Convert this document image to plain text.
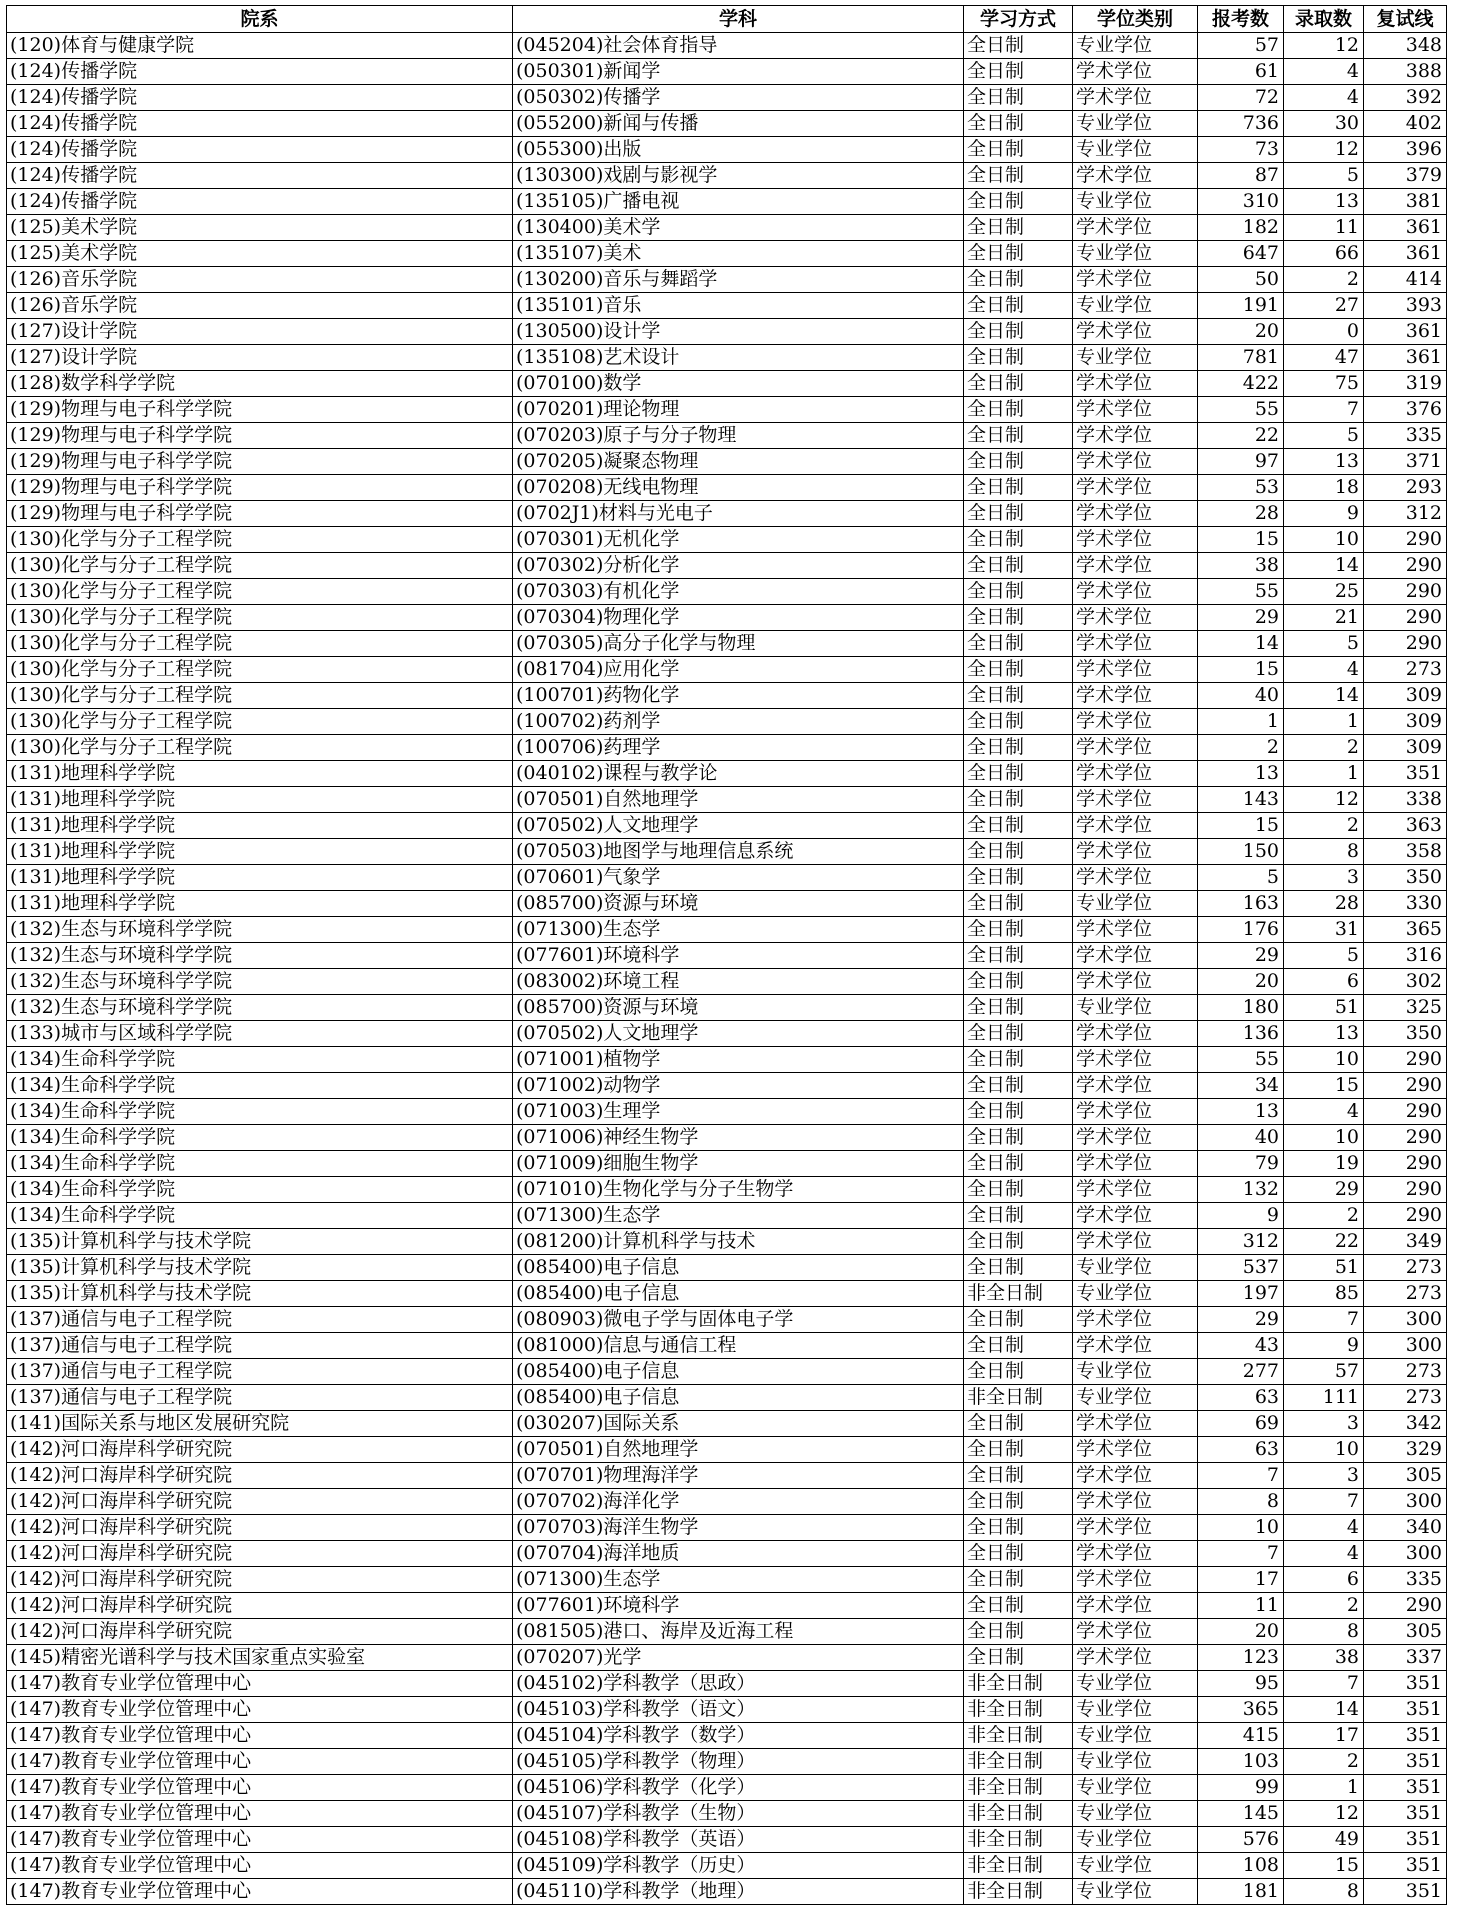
院系	学科	学习方式	学位类别	报考数	录取数	复试线
(120)体育与健康学院	(045204)社会体育指导	全日制	专业学位	57	12	348
(124)传播学院	(050301)新闻学	全日制	学术学位	61	4	388
(124)传播学院	(050302)传播学	全日制	学术学位	72	4	392
(124)传播学院	(055200)新闻与传播	全日制	专业学位	736	30	402
(124)传播学院	(055300)出版	全日制	专业学位	73	12	396
(124)传播学院	(130300)戏剧与影视学	全日制	学术学位	87	5	379
(124)传播学院	(135105)广播电视	全日制	专业学位	310	13	381
(125)美术学院	(130400)美术学	全日制	学术学位	182	11	361
(125)美术学院	(135107)美术	全日制	专业学位	647	66	361
(126)音乐学院	(130200)音乐与舞蹈学	全日制	学术学位	50	2	414
(126)音乐学院	(135101)音乐	全日制	专业学位	191	27	393
(127)设计学院	(130500)设计学	全日制	学术学位	20	0	361
(127)设计学院	(135108)艺术设计	全日制	专业学位	781	47	361
(128)数学科学学院	(070100)数学	全日制	学术学位	422	75	319
(129)物理与电子科学学院	(070201)理论物理	全日制	学术学位	55	7	376
(129)物理与电子科学学院	(070203)原子与分子物理	全日制	学术学位	22	5	335
(129)物理与电子科学学院	(070205)凝聚态物理	全日制	学术学位	97	13	371
(129)物理与电子科学学院	(070208)无线电物理	全日制	学术学位	53	18	293
(129)物理与电子科学学院	(0702J1)材料与光电子	全日制	学术学位	28	9	312
(130)化学与分子工程学院	(070301)无机化学	全日制	学术学位	15	10	290
(130)化学与分子工程学院	(070302)分析化学	全日制	学术学位	38	14	290
(130)化学与分子工程学院	(070303)有机化学	全日制	学术学位	55	25	290
(130)化学与分子工程学院	(070304)物理化学	全日制	学术学位	29	21	290
(130)化学与分子工程学院	(070305)高分子化学与物理	全日制	学术学位	14	5	290
(130)化学与分子工程学院	(081704)应用化学	全日制	学术学位	15	4	273
(130)化学与分子工程学院	(100701)药物化学	全日制	学术学位	40	14	309
(130)化学与分子工程学院	(100702)药剂学	全日制	学术学位	1	1	309
(130)化学与分子工程学院	(100706)药理学	全日制	学术学位	2	2	309
(131)地理科学学院	(040102)课程与教学论	全日制	学术学位	13	1	351
(131)地理科学学院	(070501)自然地理学	全日制	学术学位	143	12	338
(131)地理科学学院	(070502)人文地理学	全日制	学术学位	15	2	363
(131)地理科学学院	(070503)地图学与地理信息系统	全日制	学术学位	150	8	358
(131)地理科学学院	(070601)气象学	全日制	学术学位	5	3	350
(131)地理科学学院	(085700)资源与环境	全日制	专业学位	163	28	330
(132)生态与环境科学学院	(071300)生态学	全日制	学术学位	176	31	365
(132)生态与环境科学学院	(077601)环境科学	全日制	学术学位	29	5	316
(132)生态与环境科学学院	(083002)环境工程	全日制	学术学位	20	6	302
(132)生态与环境科学学院	(085700)资源与环境	全日制	专业学位	180	51	325
(133)城市与区域科学学院	(070502)人文地理学	全日制	学术学位	136	13	350
(134)生命科学学院	(071001)植物学	全日制	学术学位	55	10	290
(134)生命科学学院	(071002)动物学	全日制	学术学位	34	15	290
(134)生命科学学院	(071003)生理学	全日制	学术学位	13	4	290
(134)生命科学学院	(071006)神经生物学	全日制	学术学位	40	10	290
(134)生命科学学院	(071009)细胞生物学	全日制	学术学位	79	19	290
(134)生命科学学院	(071010)生物化学与分子生物学	全日制	学术学位	132	29	290
(134)生命科学学院	(071300)生态学	全日制	学术学位	9	2	290
(135)计算机科学与技术学院	(081200)计算机科学与技术	全日制	学术学位	312	22	349
(135)计算机科学与技术学院	(085400)电子信息	全日制	专业学位	537	51	273
(135)计算机科学与技术学院	(085400)电子信息	非全日制	专业学位	197	85	273
(137)通信与电子工程学院	(080903)微电子学与固体电子学	全日制	学术学位	29	7	300
(137)通信与电子工程学院	(081000)信息与通信工程	全日制	学术学位	43	9	300
(137)通信与电子工程学院	(085400)电子信息	全日制	专业学位	277	57	273
(137)通信与电子工程学院	(085400)电子信息	非全日制	专业学位	63	111	273
(141)国际关系与地区发展研究院	(030207)国际关系	全日制	学术学位	69	3	342
(142)河口海岸科学研究院	(070501)自然地理学	全日制	学术学位	63	10	329
(142)河口海岸科学研究院	(070701)物理海洋学	全日制	学术学位	7	3	305
(142)河口海岸科学研究院	(070702)海洋化学	全日制	学术学位	8	7	300
(142)河口海岸科学研究院	(070703)海洋生物学	全日制	学术学位	10	4	340
(142)河口海岸科学研究院	(070704)海洋地质	全日制	学术学位	7	4	300
(142)河口海岸科学研究院	(071300)生态学	全日制	学术学位	17	6	335
(142)河口海岸科学研究院	(077601)环境科学	全日制	学术学位	11	2	290
(142)河口海岸科学研究院	(081505)港口、海岸及近海工程	全日制	学术学位	20	8	305
(145)精密光谱科学与技术国家重点实验室	(070207)光学	全日制	学术学位	123	38	337
(147)教育专业学位管理中心	(045102)学科教学（思政）	非全日制	专业学位	95	7	351
(147)教育专业学位管理中心	(045103)学科教学（语文）	非全日制	专业学位	365	14	351
(147)教育专业学位管理中心	(045104)学科教学（数学）	非全日制	专业学位	415	17	351
(147)教育专业学位管理中心	(045105)学科教学（物理）	非全日制	专业学位	103	2	351
(147)教育专业学位管理中心	(045106)学科教学（化学）	非全日制	专业学位	99	1	351
(147)教育专业学位管理中心	(045107)学科教学（生物）	非全日制	专业学位	145	12	351
(147)教育专业学位管理中心	(045108)学科教学（英语）	非全日制	专业学位	576	49	351
(147)教育专业学位管理中心	(045109)学科教学（历史）	非全日制	专业学位	108	15	351
(147)教育专业学位管理中心	(045110)学科教学（地理）	非全日制	专业学位	181	8	351
